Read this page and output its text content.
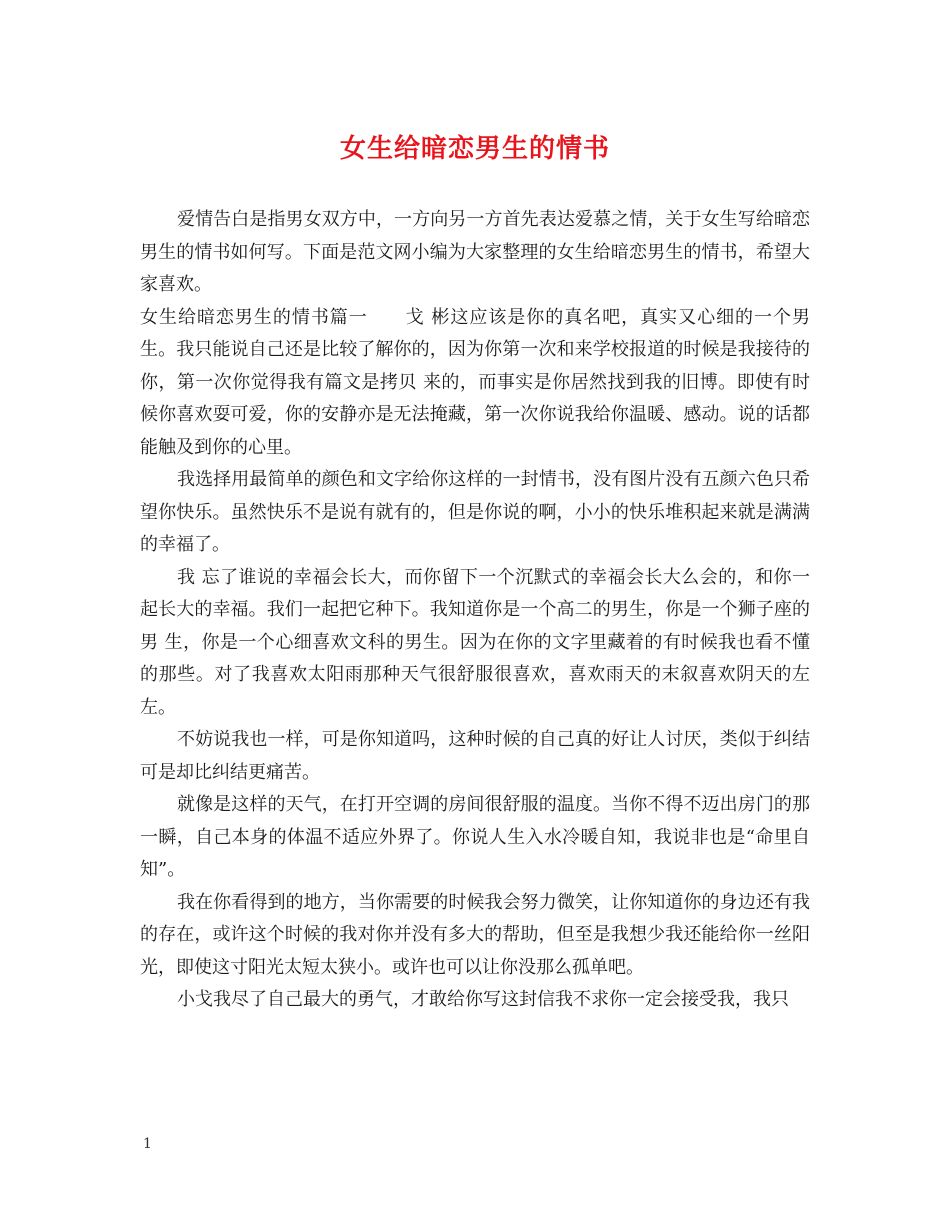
女生给暗恋男生的情书

爱情告白是指男女双方中，一方向另一方首先表达爱慕之情，关于女生写给暗恋男生的情书如何写。下面是范文网小编为大家整理的女生给暗恋男生的情书，希望大家喜欢。

女生给暗恋男生的情书篇一　　戈 彬这应该是你的真名吧，真实又心细的一个男生。我只能说自己还是比较了解你的，因为你第一次和来学校报道的时候是我接待的你，第一次你觉得我有篇文是拷贝 来的，而事实是你居然找到我的旧博。即使有时候你喜欢耍可爱，你的安静亦是无法掩藏，第一次你说我给你温暖、感动。说的话都能触及到你的心里。

我选择用最简单的颜色和文字给你这样的一封情书，没有图片没有五颜六色只希望你快乐。虽然快乐不是说有就有的，但是你说的啊，小小的快乐堆积起来就是满满的幸福了。

我 忘了谁说的幸福会长大，而你留下一个沉默式的幸福会长大么会的，和你一起长大的幸福。我们一起把它种下。我知道你是一个高二的男生，你是一个狮子座的男 生，你是一个心细喜欢文科的男生。因为在你的文字里藏着的有时候我也看不懂的那些。对了我喜欢太阳雨那种天气很舒服很喜欢，喜欢雨天的末叙喜欢阴天的左 左。

不妨说我也一样，可是你知道吗，这种时候的自己真的好让人讨厌，类似于纠结可是却比纠结更痛苦。

就像是这样的天气，在打开空调的房间很舒服的温度。当你不得不迈出房门的那一瞬，自己本身的体温不适应外界了。你说人生入水冷暖自知，我说非也是“命里自知”。

我在你看得到的地方，当你需要的时候我会努力微笑，让你知道你的身边还有我的存在，或许这个时候的我对你并没有多大的帮助，但至是我想少我还能给你一丝阳光，即使这寸阳光太短太狭小。或许也可以让你没那么孤单吧。

小戈我尽了自己最大的勇气，才敢给你写这封信我不求你一定会接受我，我只

1
